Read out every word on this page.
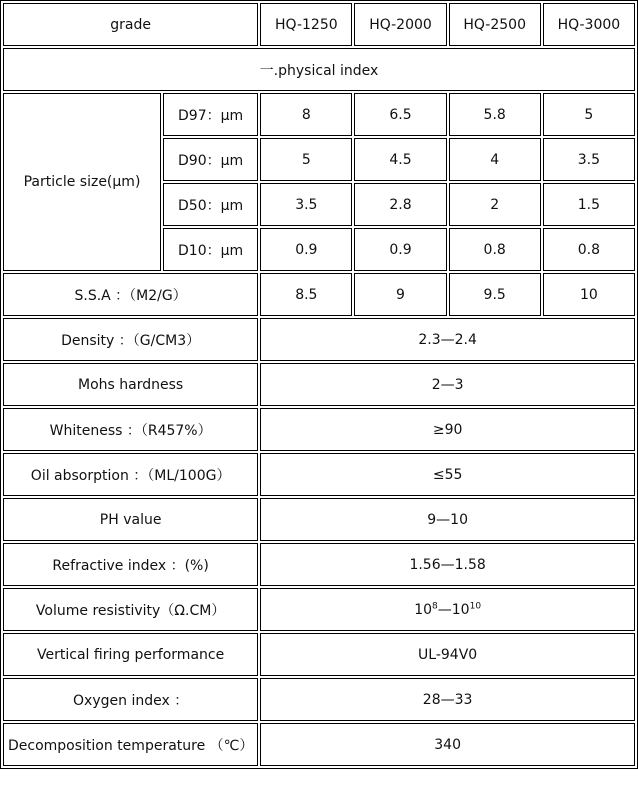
grade		HQ-1250	HQ-2000	HQ-2500	HQ-3000
一.physical index					
Particle size(μm)	D97：μm	8	6.5	5.8	5
	D90：μm	5	4.5	4	3.5
	D50：μm	3.5	2.8	2	1.5
	D10：μm	0.9	0.9	0.8	0.8
S.S.A ：（M2/G）		8.5	9	9.5	10
Density ：（G/CM3）		2.3—2.4			
Mohs hardness		2—3			
Whiteness ：（R457%）		≥90			
Oil absorption ：（ML/100G）		≤55			
PH value		9—10			
Refractive index ：(%)		1.56—1.58			
Volume resistivity（Ω.CM）		$10^8—10^{10}$
Vertical firing performance		UL-94V0			
Oxygen index ：		28—33			
Decomposition temperature （℃）		340			
